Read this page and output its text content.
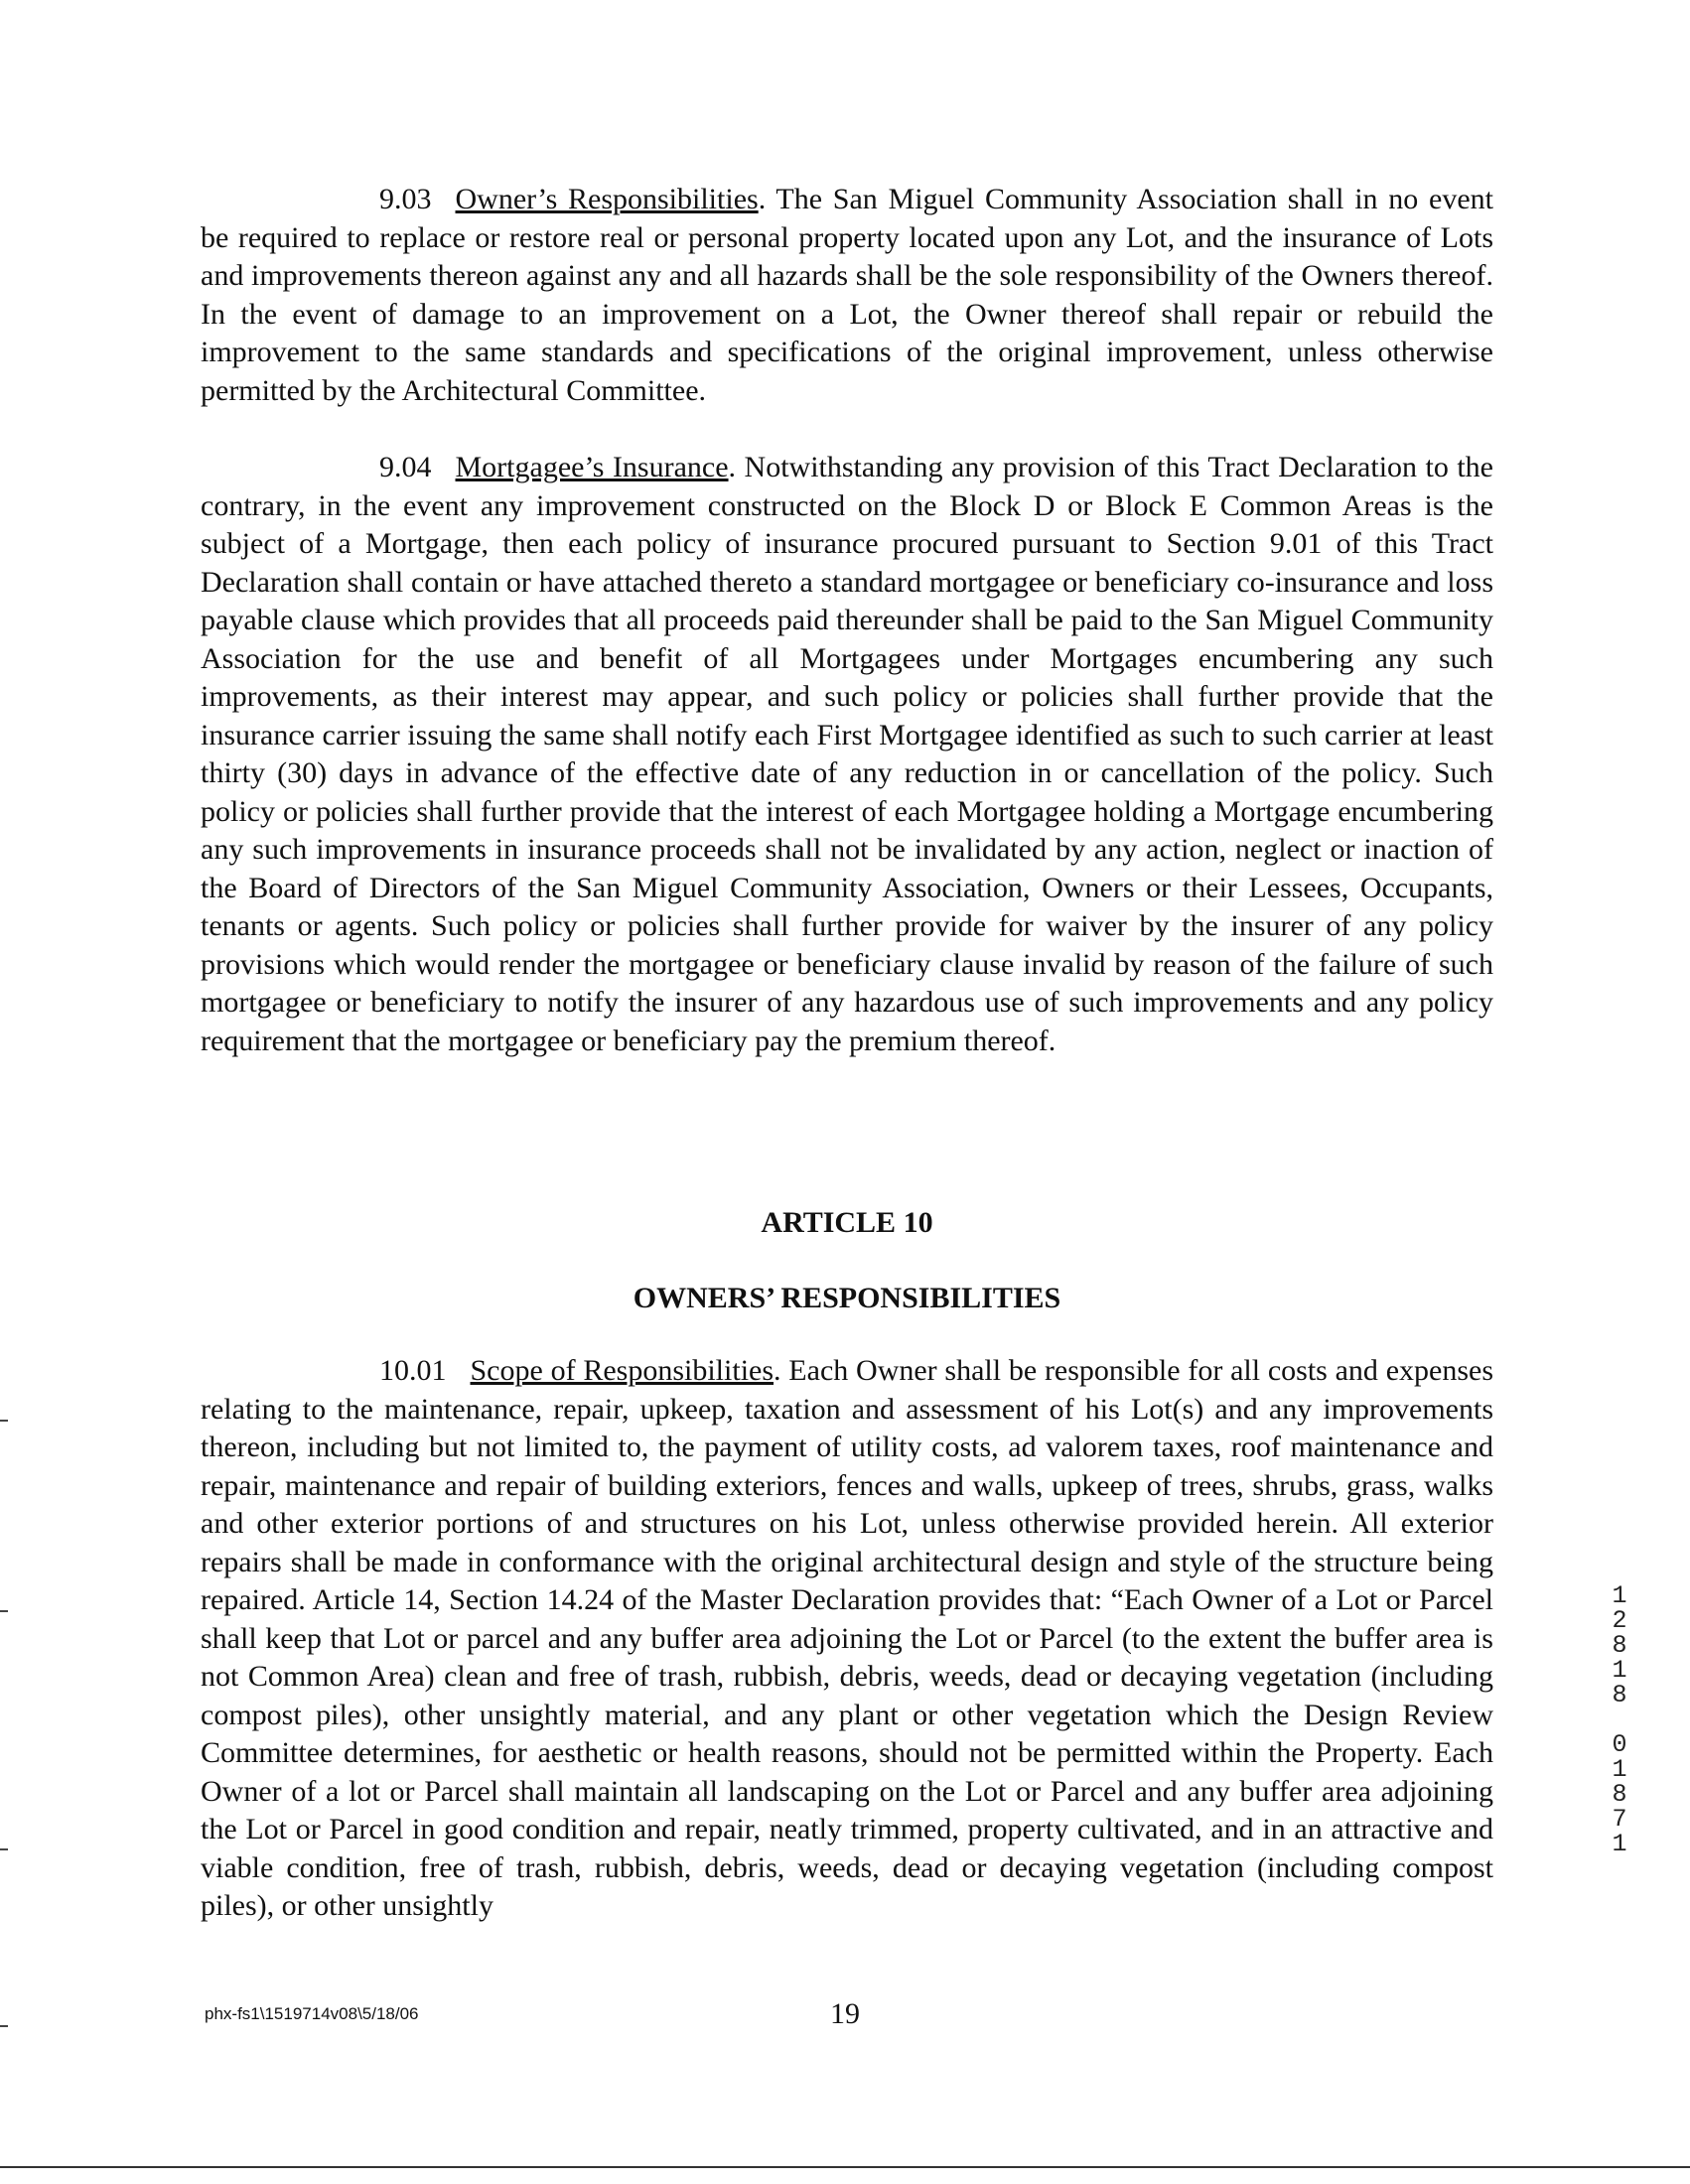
9.03 Owner’s Responsibilities. The San Miguel Community Association shall in no event be required to replace or restore real or personal property located upon any Lot, and the insurance of Lots and improvements thereon against any and all hazards shall be the sole responsibility of the Owners thereof. In the event of damage to an improvement on a Lot, the Owner thereof shall repair or rebuild the improvement to the same standards and specifications of the original improvement, unless otherwise permitted by the Architectural Committee.

9.04 Mortgagee’s Insurance. Notwithstanding any provision of this Tract Declaration to the contrary, in the event any improvement constructed on the Block D or Block E Common Areas is the subject of a Mortgage, then each policy of insurance procured pursuant to Section 9.01 of this Tract Declaration shall contain or have attached thereto a standard mortgagee or beneficiary co-insurance and loss payable clause which provides that all proceeds paid thereunder shall be paid to the San Miguel Community Association for the use and benefit of all Mortgagees under Mortgages encumbering any such improvements, as their interest may appear, and such policy or policies shall further provide that the insurance carrier issuing the same shall notify each First Mortgagee identified as such to such carrier at least thirty (30) days in advance of the effective date of any reduction in or cancellation of the policy. Such policy or policies shall further provide that the interest of each Mortgagee holding a Mortgage encumbering any such improvements in insurance proceeds shall not be invalidated by any action, neglect or inaction of the Board of Directors of the San Miguel Community Association, Owners or their Lessees, Occupants, tenants or agents. Such policy or policies shall further provide for waiver by the insurer of any policy provisions which would render the mortgagee or beneficiary clause invalid by reason of the failure of such mortgagee or beneficiary to notify the insurer of any hazardous use of such improvements and any policy requirement that the mortgagee or beneficiary pay the premium thereof.

ARTICLE 10
OWNERS’ RESPONSIBILITIES

10.01 Scope of Responsibilities. Each Owner shall be responsible for all costs and expenses relating to the maintenance, repair, upkeep, taxation and assessment of his Lot(s) and any improvements thereon, including but not limited to, the payment of utility costs, ad valorem taxes, roof maintenance and repair, maintenance and repair of building exteriors, fences and walls, upkeep of trees, shrubs, grass, walks and other exterior portions of and structures on his Lot, unless otherwise provided herein. All exterior repairs shall be made in conformance with the original architectural design and style of the structure being repaired. Article 14, Section 14.24 of the Master Declaration provides that: “Each Owner of a Lot or Parcel shall keep that Lot or parcel and any buffer area adjoining the Lot or Parcel (to the extent the buffer area is not Common Area) clean and free of trash, rubbish, debris, weeds, dead or decaying vegetation (including compost piles), other unsightly material, and any plant or other vegetation which the Design Review Committee determines, for aesthetic or health reasons, should not be permitted within the Property. Each Owner of a lot or Parcel shall maintain all landscaping on the Lot or Parcel and any buffer area adjoining the Lot or Parcel in good condition and repair, neatly trimmed, property cultivated, and in an attractive and viable condition, free of trash, rubbish, debris, weeds, dead or decaying vegetation (including compost piles), or other unsightly

phx-fs1\1519714v08\5/18/06	19
1
2
8
1
8

0
1
8
7
1
